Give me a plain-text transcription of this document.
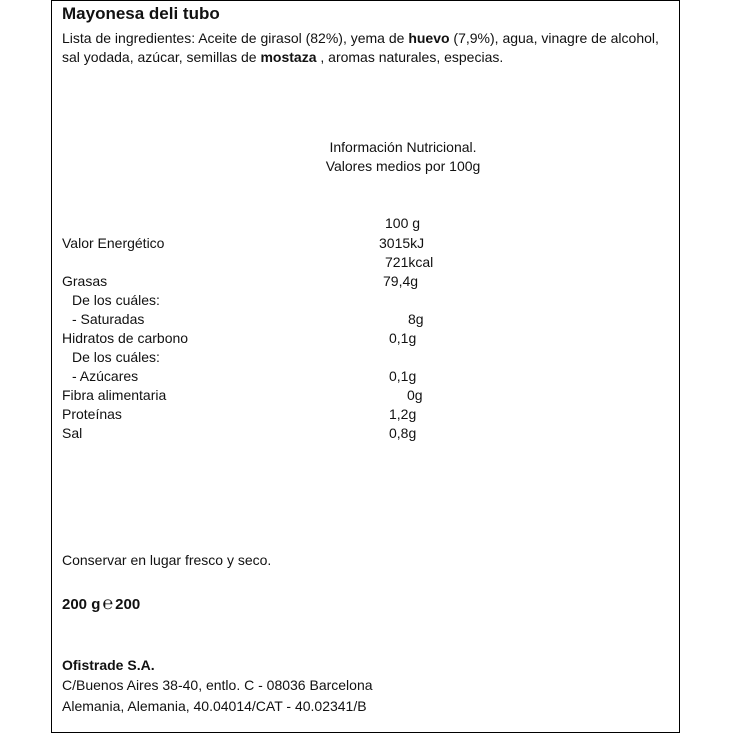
Mayonesa deli tubo
Lista de ingredientes: Aceite de girasol (82%), yema de huevo (7,9%), agua, vinagre de alcohol, sal yodada, azúcar, semillas de mostaza , aromas naturales, especias.
Información Nutricional.
Valores medios por 100g
100 g
Valor Energético
Grasas
De los cuáles:
- Saturadas
Hidratos de carbono
De los cuáles:
- Azúcares
Fibra alimentaria
Proteínas
Sal
3015kJ
721kcal
79,4g
8g
0,1g
0,1g
0g
1,2g
0,8g
Conservar en lugar fresco y seco.
200 g ℮ 200
Ofistrade S.A.
C/Buenos Aires 38-40, entlo. C - 08036 Barcelona
Alemania, Alemania, 40.04014/CAT - 40.02341/B
